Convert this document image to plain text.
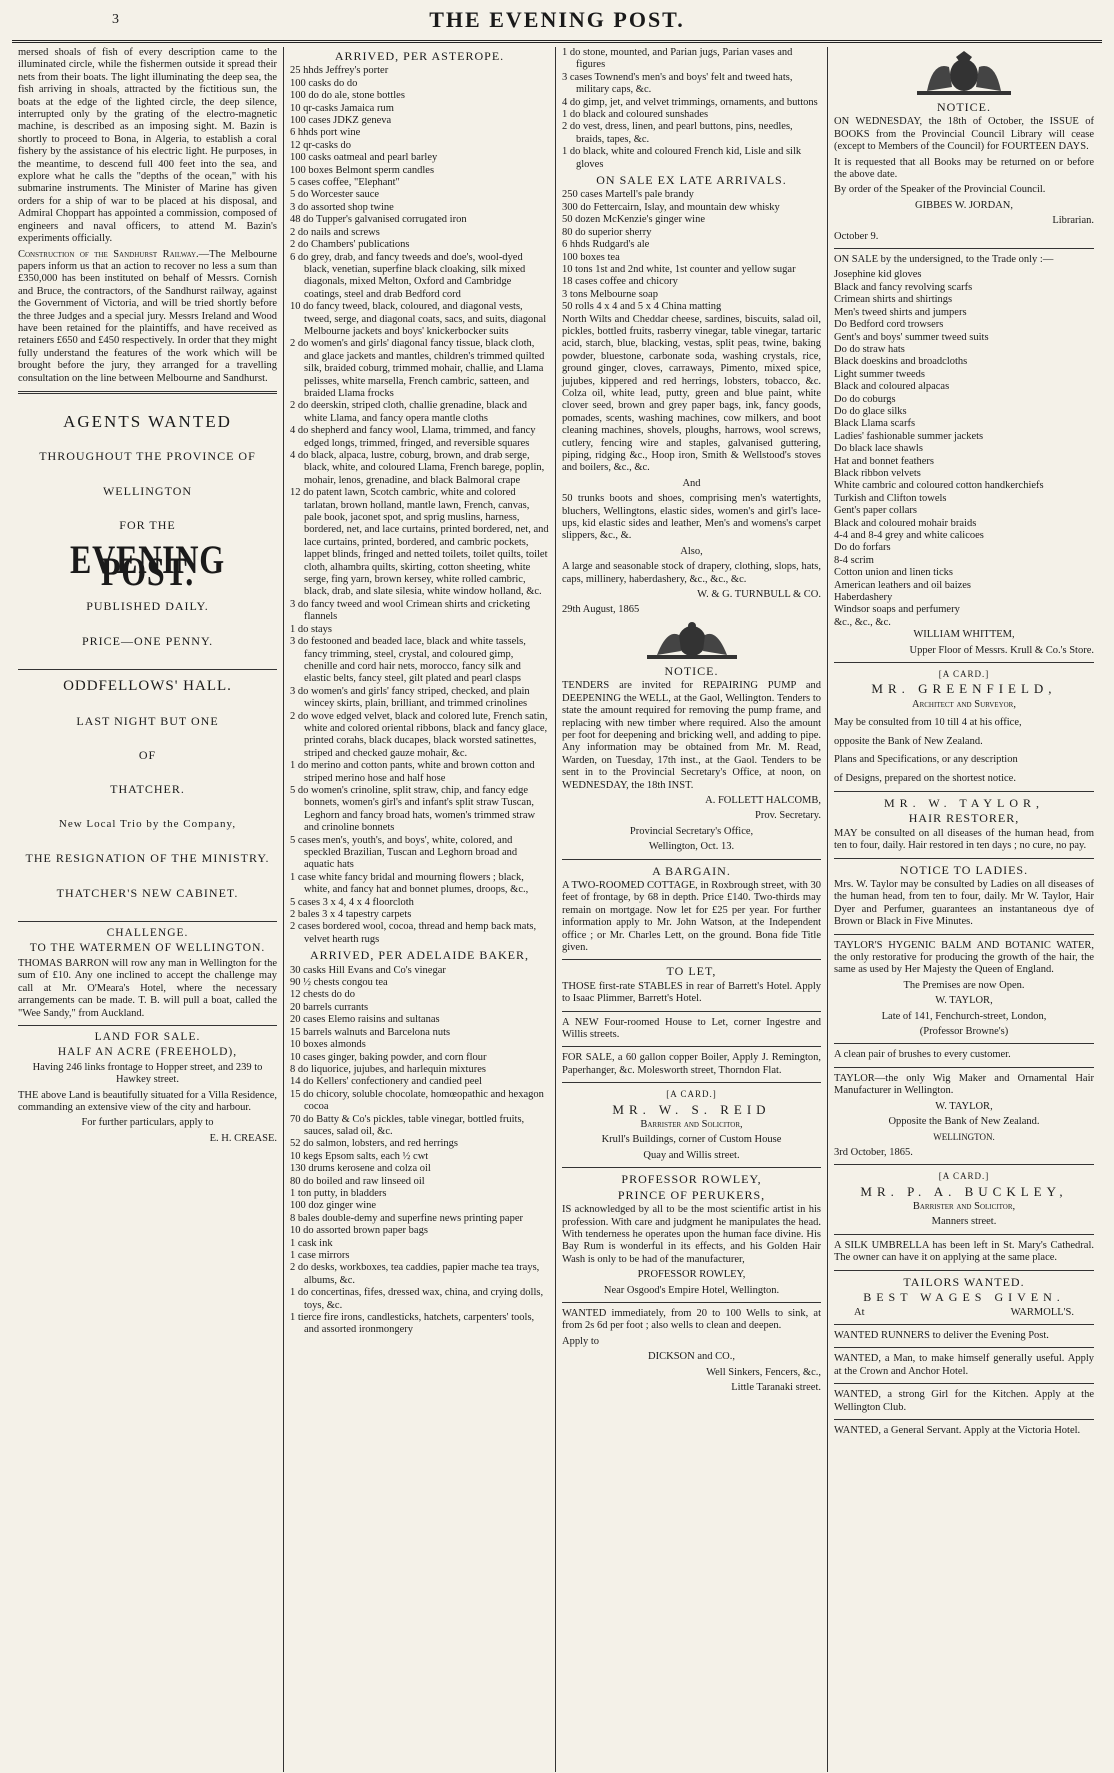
3	THE EVENING POST.

mersed shoals of fish of every description came to the illuminated circle, while the fishermen outside it spread their nets from their boats. The light illuminating the deep sea, the fish arriving in shoals, attracted by the fictitious sun, the boats at the edge of the lighted circle, the deep silence, interrupted only by the grating of the electro-magnetic machine, is described as an imposing sight. M. Bazin is shortly to proceed to Bona, in Algeria, to establish a coral fishery by the assistance of his electric light. He purposes, in the meantime, to descend full 400 feet into the sea, and explore what he calls the "depths of the ocean," with his submarine instruments. The Minister of Marine has given orders for a ship of war to be placed at his disposal, and Admiral Choppart has appointed a commission, composed of engineers and naval officers, to attend M. Bazin's experiments officially.

Construction of the Sandhurst Railway.—The Melbourne papers inform us that an action to recover no less a sum than £350,000 has been instituted on behalf of Messrs. Cornish and Bruce, the contractors, of the Sandhurst railway, against the Government of Victoria, and will be tried shortly before the three Judges and a special jury. Messrs Ireland and Wood have been retained for the plaintiffs, and have received as retainers £650 and £450 respectively. In order that they might fully understand the features of the work which will be brought before the jury, they arranged for a travelling consultation on the line between Melbourne and Sandhurst.

AGENTS WANTED
THROUGHOUT THE PROVINCE OF
WELLINGTON
FOR THE
EVENING POST.
PUBLISHED DAILY.
PRICE—ONE PENNY.
ODDFELLOWS' HALL.
LAST NIGHT BUT ONE
OF
THATCHER.
New Local Trio by the Company,
THE RESIGNATION OF THE MINISTRY.
THATCHER'S NEW CABINET.
CHALLENGE.
TO THE WATERMEN OF WELLINGTON.

THOMAS BARRON will row any man in Wellington for the sum of £10. Any one inclined to accept the challenge may call at Mr. O'Meara's Hotel, where the necessary arrangements can be made. T. B. will pull a boat, called the "Wee Sandy," from Auckland.

LAND FOR SALE.
HALF AN ACRE (FREEHOLD),

Having 246 links frontage to Hopper street, and 239 to Hawkey street.

THE above Land is beautifully situated for a Villa Residence, commanding an extensive view of the city and harbour.

For further particulars, apply to

E. H. CREASE.

ARRIVED, PER ASTEROPE.
25 hhds Jeffrey's porter
100 casks do do
100 do do ale, stone bottles
10 qr-casks Jamaica rum
100 cases JDKZ geneva
6 hhds port wine
12 qr-casks do
100 casks oatmeal and pearl barley
100 boxes Belmont sperm candles
5 cases coffee, "Elephant"
5 do Worcester sauce
3 do assorted shop twine
48 do Tupper's galvanised corrugated iron
2 do nails and screws
2 do Chambers' publications
6 do grey, drab, and fancy tweeds and doe's, wool-dyed black, venetian, superfine black cloaking, silk mixed diagonals, mixed Melton, Oxford and Cambridge coatings, steel and drab Bedford cord
10 do fancy tweed, black, coloured, and diagonal vests, tweed, serge, and diagonal coats, sacs, and suits, diagonal Melbourne jackets and boys' knickerbocker suits
2 do women's and girls' diagonal fancy tissue, black cloth, and glace jackets and mantles, children's trimmed quilted silk, braided coburg, trimmed mohair, challie, and Llama pelisses, white marsella, French cambric, satteen, and braided Llama frocks
2 do deerskin, striped cloth, challie grenadine, black and white Llama, and fancy opera mantle cloths
4 do shepherd and fancy wool, Llama, trimmed, and fancy edged longs, trimmed, fringed, and reversible squares
4 do black, alpaca, lustre, coburg, brown, and drab serge, black, white, and coloured Llama, French barege, poplin, mohair, lenos, grenadine, and black Balmoral crape
12 do patent lawn, Scotch cambric, white and colored tarlatan, brown holland, mantle lawn, French, canvas, pale book, jaconet spot, and sprig muslins, harness, bordered, net, and lace curtains, printed bordered, net, and lace curtains, printed, bordered, and cambric pockets, lappet blinds, fringed and netted toilets, toilet quilts, toilet cloth, alhambra quilts, skirting, cotton sheeting, white serge, fing yarn, brown kersey, white rolled cambric, black, drab, and slate silesia, white window holland, &c.
3 do fancy tweed and wool Crimean shirts and cricketing flannels
1 do stays
3 do festooned and beaded lace, black and white tassels, fancy trimming, steel, crystal, and coloured gimp, chenille and cord hair nets, morocco, fancy silk and elastic belts, fancy steel, gilt plated and pearl clasps
3 do women's and girls' fancy striped, checked, and plain wincey skirts, plain, brilliant, and trimmed crinolines
2 do wove edged velvet, black and colored lute, French satin, white and colored oriental ribbons, black and fancy glace, printed corahs, black ducapes, black worsted satinettes, striped and checked gauze mohair, &c.
1 do merino and cotton pants, white and brown cotton and striped merino hose and half hose
5 do women's crinoline, split straw, chip, and fancy edge bonnets, women's girl's and infant's split straw Tuscan, Leghorn and fancy broad hats, women's trimmed straw and crinoline bonnets
5 cases men's, youth's, and boys', white, colored, and speckled Brazilian, Tuscan and Leghorn broad and aquatic hats
1 case white fancy bridal and mourning flowers ; black, white, and fancy hat and bonnet plumes, droops, &c.,
5 cases 3 x 4, 4 x 4 floorcloth
2 bales 3 x 4 tapestry carpets
2 cases bordered wool, cocoa, thread and hemp back mats, velvet hearth rugs
ARRIVED, PER ADELAIDE BAKER,
30 casks Hill Evans and Co's vinegar
90 ½ chests congou tea
12 chests do do
20 barrels currants
20 cases Elemo raisins and sultanas
15 barrels walnuts and Barcelona nuts
10 boxes almonds
10 cases ginger, baking powder, and corn flour
8 do liquorice, jujubes, and harlequin mixtures
14 do Kellers' confectionery and candied peel
15 do chicory, soluble chocolate, homœopathic and hexagon cocoa
70 do Batty & Co's pickles, table vinegar, bottled fruits, sauces, salad oil, &c.
52 do salmon, lobsters, and red herrings
10 kegs Epsom salts, each ½ cwt
130 drums kerosene and colza oil
80 do boiled and raw linseed oil
1 ton putty, in bladders
100 doz ginger wine
8 bales double-demy and superfine news printing paper
10 do assorted brown paper bags
1 cask ink
1 case mirrors
2 do desks, workboxes, tea caddies, papier mache tea trays, albums, &c.
1 do concertinas, fifes, dressed wax, china, and crying dolls, toys, &c.
1 tierce fire irons, candlesticks, hatchets, carpenters' tools, and assorted ironmongery
1 do stone, mounted, and Parian jugs, Parian vases and figures
3 cases Townend's men's and boys' felt and tweed hats, military caps, &c.
4 do gimp, jet, and velvet trimmings, ornaments, and buttons
1 do black and coloured sunshades
2 do vest, dress, linen, and pearl buttons, pins, needles, braids, tapes, &c.
1 do black, white and coloured French kid, Lisle and silk gloves
ON SALE EX LATE ARRIVALS.
250 cases Martell's pale brandy
300 do Fettercairn, Islay, and mountain dew whisky
50 dozen McKenzie's ginger wine
80 do superior sherry
6 hhds Rudgard's ale
100 boxes tea
10 tons 1st and 2nd white, 1st counter and yellow sugar
18 cases coffee and chicory
3 tons Melbourne soap
50 rolls 4 x 4 and 5 x 4 China matting

North Wilts and Cheddar cheese, sardines, biscuits, salad oil, pickles, bottled fruits, rasberry vinegar, table vinegar, tartaric acid, starch, blue, blacking, vestas, split peas, twine, baking powder, bluestone, carbonate soda, washing crystals, rice, ground ginger, cloves, carraways, Pimento, mixed spice, jujubes, kippered and red herrings, lobsters, tobacco, &c. Colza oil, white lead, putty, green and blue paint, white clover seed, brown and grey paper bags, ink, fancy goods, pomades, scents, washing machines, cow milkers, and boot cleaning machines, shovels, ploughs, harrows, wool screws, cutlery, fencing wire and staples, galvanised guttering, piping, ridging &c., Hoop iron, Smith & Wellstood's stoves and boilers, &c., &c.

And

50 trunks boots and shoes, comprising men's watertights, bluchers, Wellingtons, elastic sides, women's and girl's lace-ups, kid elastic sides and leather, Men's and womens's carpet slippers, &c., &.

Also,

A large and seasonable stock of drapery, clothing, slops, hats, caps, millinery, haberdashery, &c., &c., &c.

W. & G. TURNBULL & CO.

29th August, 1865

NOTICE.

TENDERS are invited for REPAIRING PUMP and DEEPENING the WELL, at the Gaol, Wellington. Tenders to state the amount required for removing the pump frame, and replacing with new timber where required. Also the amount per foot for deepening and bricking well, and adding to pipe. Any information may be obtained from Mr. M. Read, Warden, on Tuesday, 17th inst., at the Gaol. Tenders to be sent in to the Provincial Secretary's Office, at noon, on WEDNESDAY, the 18th INST.

A. FOLLETT HALCOMB,

Prov. Secretary.

Provincial Secretary's Office,

Wellington, Oct. 13.

A BARGAIN.

A TWO-ROOMED COTTAGE, in Roxbrough street, with 30 feet of frontage, by 68 in depth. Price £140. Two-thirds may remain on mortgage. Now let for £25 per year. For further information apply to Mr. John Watson, at the Independent office ; or Mr. Charles Lett, on the ground. Bona fide Title given.

TO LET,

THOSE first-rate STABLES in rear of Barrett's Hotel. Apply to Isaac Plimmer, Barrett's Hotel.

A NEW Four-roomed House to Let, corner Ingestre and Willis streets.

FOR SALE, a 60 gallon copper Boiler, Apply J. Remington, Paperhanger, &c. Molesworth street, Thorndon Flat.

[A CARD.]
MR. W. S. REID

Barrister and Solicitor,

Krull's Buildings, corner of Custom House

Quay and Willis street.

PROFESSOR ROWLEY,
PRINCE OF PERUKERS,

IS acknowledged by all to be the most scientific artist in his profession. With care and judgment he manipulates the head. With tenderness he operates upon the human face divine. His Bay Rum is wonderful in its effects, and his Golden Hair Wash is only to be had of the manufacturer,

PROFESSOR ROWLEY,

Near Osgood's Empire Hotel, Wellington.

WANTED immediately, from 20 to 100 Wells to sink, at from 2s 6d per foot ; also wells to clean and deepen.

Apply to

DICKSON and CO.,

Well Sinkers, Fencers, &c.,

Little Taranaki street.

NOTICE.

ON WEDNESDAY, the 18th of October, the ISSUE of BOOKS from the Provincial Council Library will cease (except to Members of the Council) for FOURTEEN DAYS.

It is requested that all Books may be returned on or before the above date.

By order of the Speaker of the Provincial Council.

GIBBES W. JORDAN,

Librarian.

October 9.

ON SALE by the undersigned, to the Trade only :—

Josephine kid gloves
Black and fancy revolving scarfs
Crimean shirts and shirtings
Men's tweed shirts and jumpers
Do Bedford cord trowsers
Gent's and boys' summer tweed suits
Do do straw hats
Black doeskins and broadcloths
Light summer tweeds
Black and coloured alpacas
Do do coburgs
Do do glace silks
Black Llama scarfs
Ladies' fashionable summer jackets
Do black lace shawls
Hat and bonnet feathers
Black ribbon velvets
White cambric and coloured cotton handkerchiefs
Turkish and Clifton towels
Gent's paper collars
Black and coloured mohair braids
4-4 and 8-4 grey and white calicoes
Do do forfars
8-4 scrim
Cotton union and linen ticks
American leathers and oil baizes
Haberdashery
Windsor soaps and perfumery
&c., &c., &c.

WILLIAM WHITTEM,

Upper Floor of Messrs. Krull & Co.'s Store.

[A CARD.]
MR. GREENFIELD,

Architect and Surveyor,

May be consulted from 10 till 4 at his office,

opposite the Bank of New Zealand.

Plans and Specifications, or any description

of Designs, prepared on the shortest notice.

MR. W. TAYLOR,
HAIR RESTORER,

MAY be consulted on all diseases of the human head, from ten to four, daily. Hair restored in ten days ; no cure, no pay.

NOTICE TO LADIES.

Mrs. W. Taylor may be consulted by Ladies on all diseases of the human head, from ten to four, daily. Mr W. Taylor, Hair Dyer and Perfumer, guarantees an instantaneous dye of Brown or Black in Five Minutes.

TAYLOR'S HYGENIC BALM AND BOTANIC WATER, the only restorative for producing the growth of the hair, the same as used by Her Majesty the Queen of England.

The Premises are now Open.

W. TAYLOR,

Late of 141, Fenchurch-street, London,

(Professor Browne's)

A clean pair of brushes to every customer.

TAYLOR—the only Wig Maker and Ornamental Hair Manufacturer in Wellington.

W. TAYLOR,

Opposite the Bank of New Zealand.

WELLINGTON.

3rd October, 1865.

[A CARD.]
MR. P. A. BUCKLEY,

Barrister and Solicitor,

Manners street.

A SILK UMBRELLA has been left in St. Mary's Cathedral. The owner can have it on applying at the same place.

TAILORS WANTED.
BEST WAGES GIVEN.

At	WARMOLL'S.

WANTED RUNNERS to deliver the Evening Post.

WANTED, a Man, to make himself generally useful. Apply at the Crown and Anchor Hotel.

WANTED, a strong Girl for the Kitchen. Apply at the Wellington Club.

WANTED, a General Servant. Apply at the Victoria Hotel.
